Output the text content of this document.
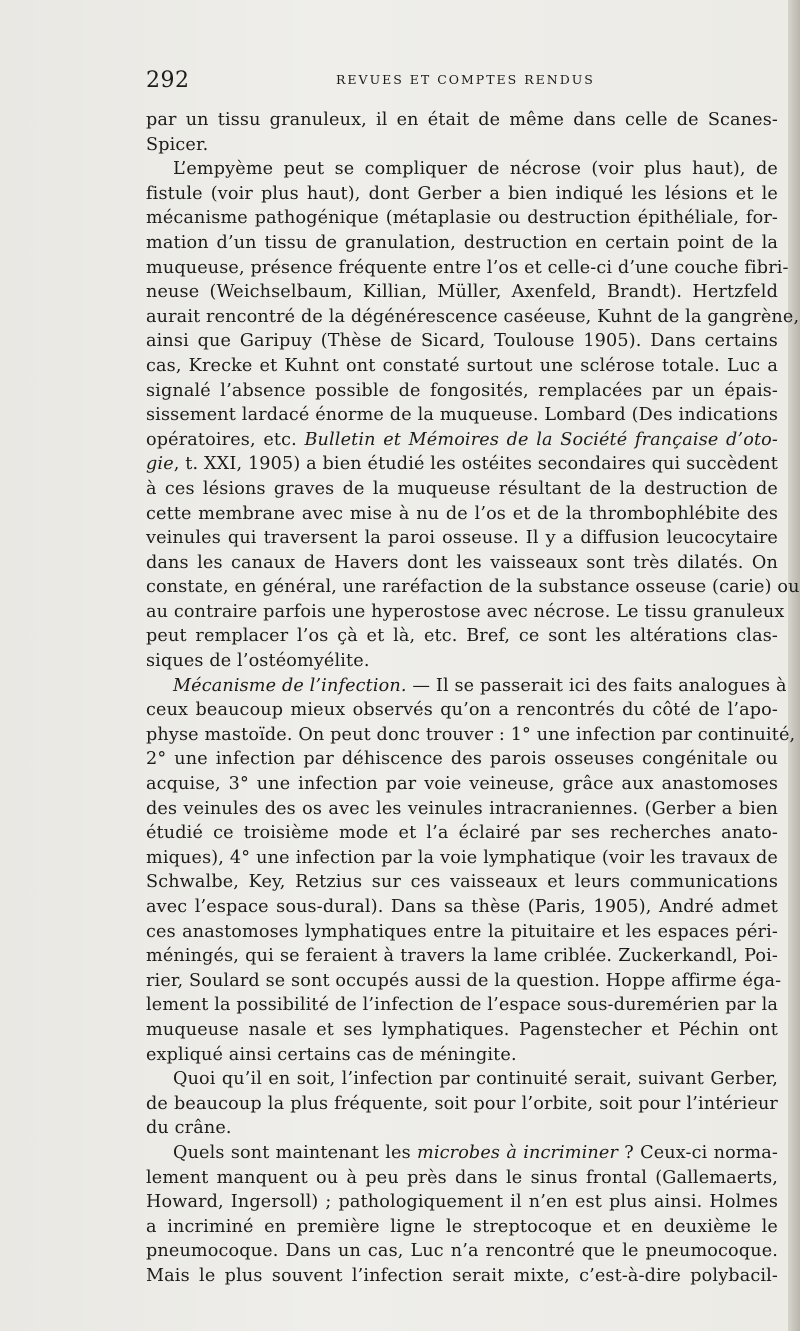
292	REVUES ET COMPTES RENDUS
par un tissu granuleux, il en était de même dans celle de Scanes-
Spicer.
L’empyème peut se compliquer de nécrose (voir plus haut), de
fistule (voir plus haut), dont Gerber a bien indiqué les lésions et le
mécanisme pathogénique (métaplasie ou destruction épithéliale, for-
mation d’un tissu de granulation, destruction en certain point de la
muqueuse, présence fréquente entre l’os et celle-ci d’une couche fibri-
neuse (Weichselbaum, Killian, Müller, Axenfeld, Brandt). Hertzfeld
aurait rencontré de la dégénérescence caséeuse, Kuhnt de la gangrène,
ainsi que Garipuy (Thèse de Sicard, Toulouse 1905). Dans certains
cas, Krecke et Kuhnt ont constaté surtout une sclérose totale. Luc a
signalé l’absence possible de fongosités, remplacées par un épais-
sissement lardacé énorme de la muqueuse. Lombard (Des indications
opératoires, etc. Bulletin et Mémoires de la Société française d’oto-
gie, t. XXI, 1905) a bien étudié les ostéites secondaires qui succèdent
à ces lésions graves de la muqueuse résultant de la destruction de
cette membrane avec mise à nu de l’os et de la thrombophlébite des
veinules qui traversent la paroi osseuse. Il y a diffusion leucocytaire
dans les canaux de Havers dont les vaisseaux sont très dilatés. On
constate, en général, une raréfaction de la substance osseuse (carie) ou
au contraire parfois une hyperostose avec nécrose. Le tissu granuleux
peut remplacer l’os çà et là, etc. Bref, ce sont les altérations clas-
siques de l’ostéomyélite.
Mécanisme de l’infection. — Il se passerait ici des faits analogues à
ceux beaucoup mieux observés qu’on a rencontrés du côté de l’apo-
physe mastoïde. On peut donc trouver : 1° une infection par continuité,
2° une infection par déhiscence des parois osseuses congénitale ou
acquise, 3° une infection par voie veineuse, grâce aux anastomoses
des veinules des os avec les veinules intracraniennes. (Gerber a bien
étudié ce troisième mode et l’a éclairé par ses recherches anato-
miques), 4° une infection par la voie lymphatique (voir les travaux de
Schwalbe, Key, Retzius sur ces vaisseaux et leurs communications
avec l’espace sous-dural). Dans sa thèse (Paris, 1905), André admet
ces anastomoses lymphatiques entre la pituitaire et les espaces péri-
méningés, qui se feraient à travers la lame criblée. Zuckerkandl, Poi-
rier, Soulard se sont occupés aussi de la question. Hoppe affirme éga-
lement la possibilité de l’infection de l’espace sous-duremérien par la
muqueuse nasale et ses lymphatiques. Pagenstecher et Péchin ont
expliqué ainsi certains cas de méningite.
Quoi qu’il en soit, l’infection par continuité serait, suivant Gerber,
de beaucoup la plus fréquente, soit pour l’orbite, soit pour l’intérieur
du crâne.
Quels sont maintenant les microbes à incriminer ? Ceux-ci norma-
lement manquent ou à peu près dans le sinus frontal (Gallemaerts,
Howard, Ingersoll) ; pathologiquement il n’en est plus ainsi. Holmes
a incriminé en première ligne le streptocoque et en deuxième le
pneumocoque. Dans un cas, Luc n’a rencontré que le pneumocoque.
Mais le plus souvent l’infection serait mixte, c’est-à-dire polybacil-
